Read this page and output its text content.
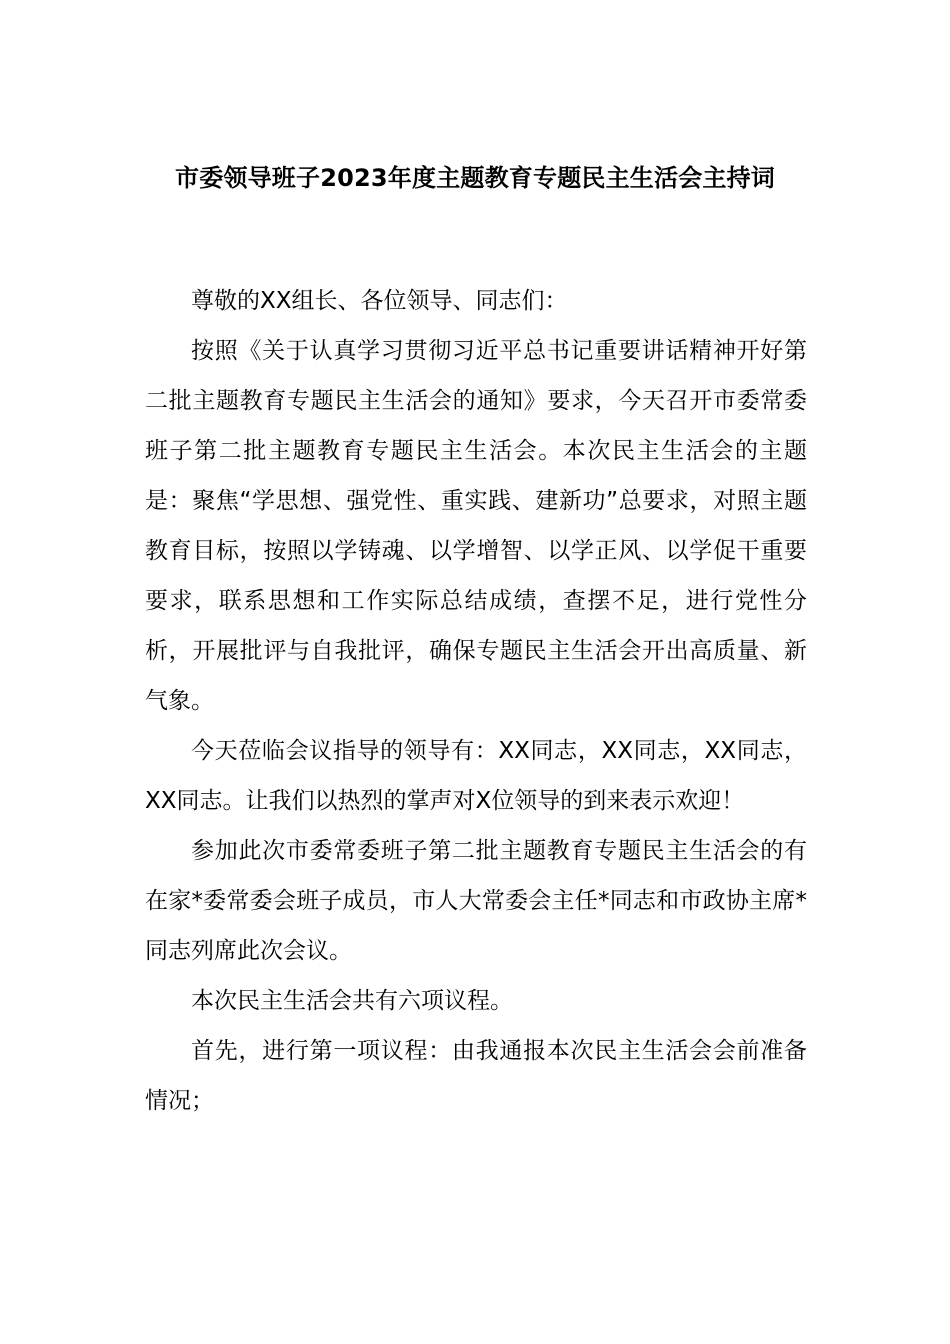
市委领导班子2023年度主题教育专题民主生活会主持词

尊敬的XX组长、各位领导、同志们：

按照《关于认真学习贯彻习近平总书记重要讲话精神开好第二批主题教育专题民主生活会的通知》要求，今天召开市委常委班子第二批主题教育专题民主生活会。本次民主生活会的主题是：聚焦“学思想、强党性、重实践、建新功”总要求，对照主题教育目标，按照以学铸魂、以学增智、以学正风、以学促干重要要求，联系思想和工作实际总结成绩，查摆不足，进行党性分析，开展批评与自我批评，确保专题民主生活会开出高质量、新气象。

今天莅临会议指导的领导有：XX同志，XX同志，XX同志，XX同志。让我们以热烈的掌声对X位领导的到来表示欢迎！

参加此次市委常委班子第二批主题教育专题民主生活会的有在家*委常委会班子成员，市人大常委会主任*同志和市政协主席*同志列席此次会议。

本次民主生活会共有六项议程。

首先，进行第一项议程：由我通报本次民主生活会会前准备情况；
